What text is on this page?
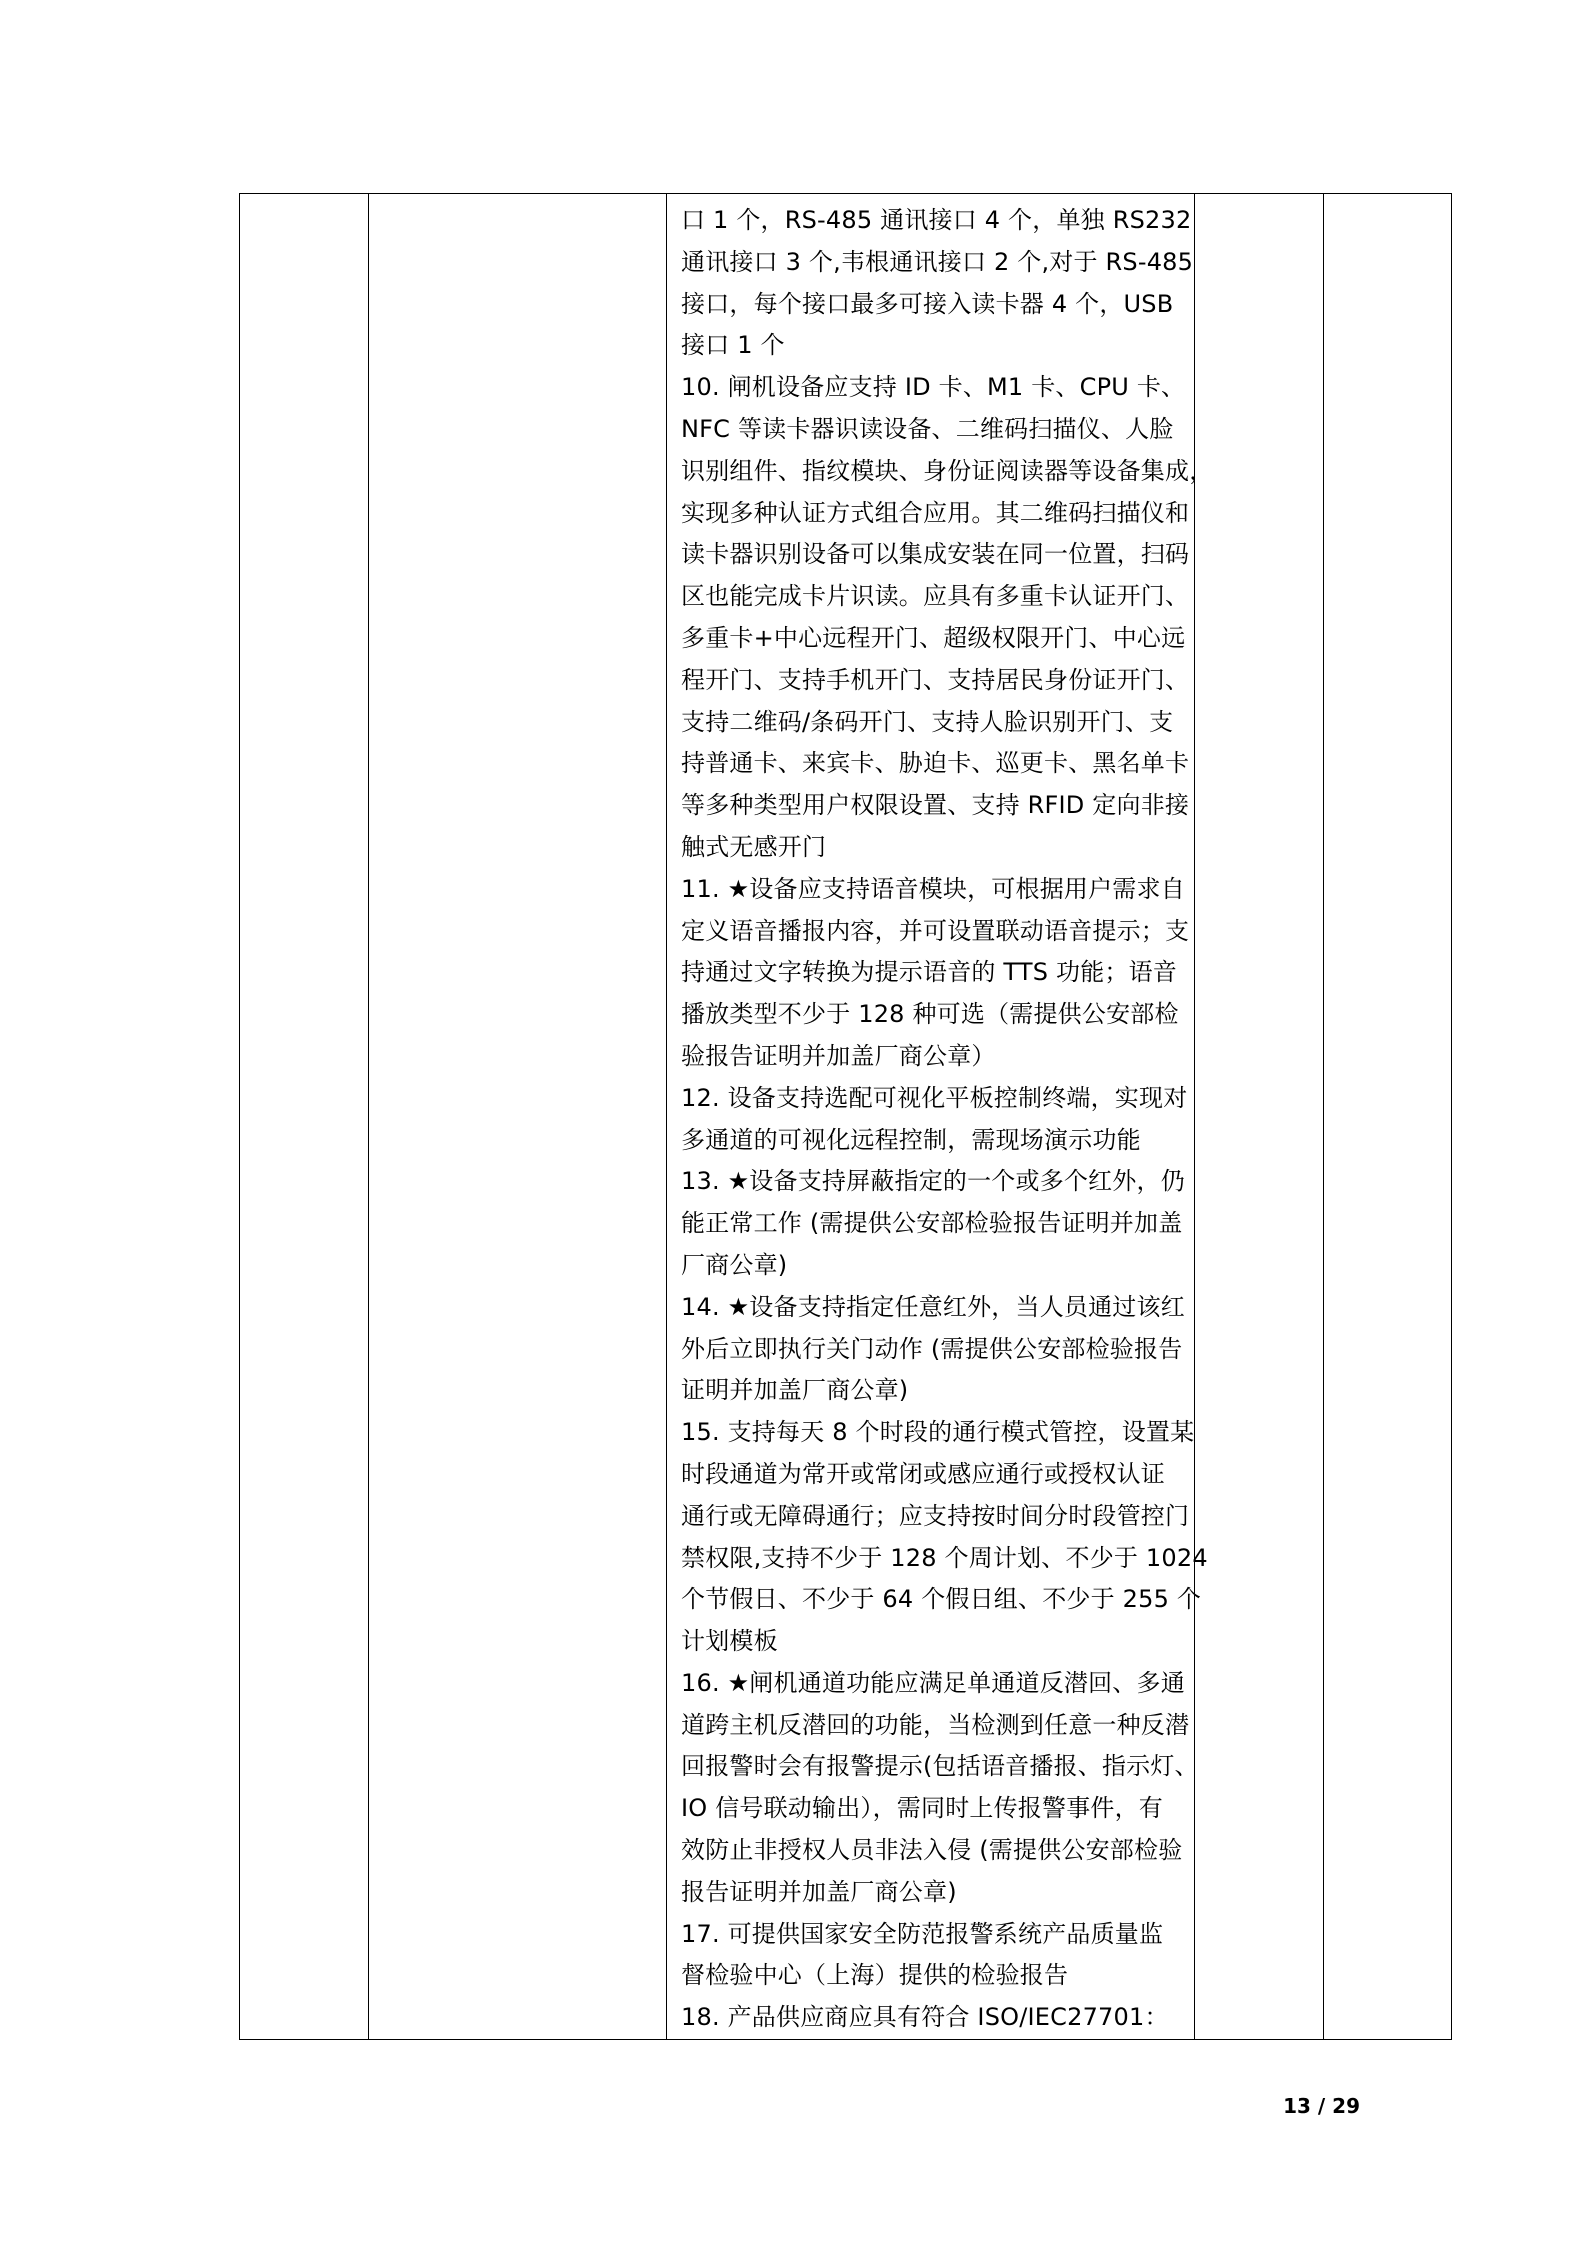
口 1 个，RS-485 通讯接口 4 个，单独 RS232
通讯接口 3 个,韦根通讯接口 2 个,对于 RS-485
接口，每个接口最多可接入读卡器 4 个，USB
接口 1 个
10. 闸机设备应支持 ID 卡、M1 卡、CPU 卡、
NFC 等读卡器识读设备、二维码扫描仪、人脸
识别组件、指纹模块、身份证阅读器等设备集成，
实现多种认证方式组合应用。其二维码扫描仪和
读卡器识别设备可以集成安装在同一位置，扫码
区也能完成卡片识读。应具有多重卡认证开门、
多重卡+中心远程开门、超级权限开门、中心远
程开门、支持手机开门、支持居民身份证开门、
支持二维码/条码开门、支持人脸识别开门、支
持普通卡、来宾卡、胁迫卡、巡更卡、黑名单卡
等多种类型用户权限设置、支持 RFID 定向非接
触式无感开门
11. ★设备应支持语音模块，可根据用户需求自
定义语音播报内容，并可设置联动语音提示；支
持通过文字转换为提示语音的 TTS 功能；语音
播放类型不少于 128 种可选（需提供公安部检
验报告证明并加盖厂商公章）
12. 设备支持选配可视化平板控制终端，实现对
多通道的可视化远程控制，需现场演示功能
13. ★设备支持屏蔽指定的一个或多个红外，仍
能正常工作 (需提供公安部检验报告证明并加盖
厂商公章)
14. ★设备支持指定任意红外，当人员通过该红
外后立即执行关门动作 (需提供公安部检验报告
证明并加盖厂商公章)
15. 支持每天 8 个时段的通行模式管控，设置某
时段通道为常开或常闭或感应通行或授权认证
通行或无障碍通行；应支持按时间分时段管控门
禁权限,支持不少于 128 个周计划、不少于 1024
个节假日、不少于 64 个假日组、不少于 255 个
计划模板
16. ★闸机通道功能应满足单通道反潜回、多通
道跨主机反潜回的功能，当检测到任意一种反潜
回报警时会有报警提示(包括语音播报、指示灯、
IO 信号联动输出），需同时上传报警事件，有
效防止非授权人员非法入侵 (需提供公安部检验
报告证明并加盖厂商公章)
17. 可提供国家安全防范报警系统产品质量监
督检验中心（上海）提供的检验报告
18. 产品供应商应具有符合 ISO/IEC27701：

13 / 29
